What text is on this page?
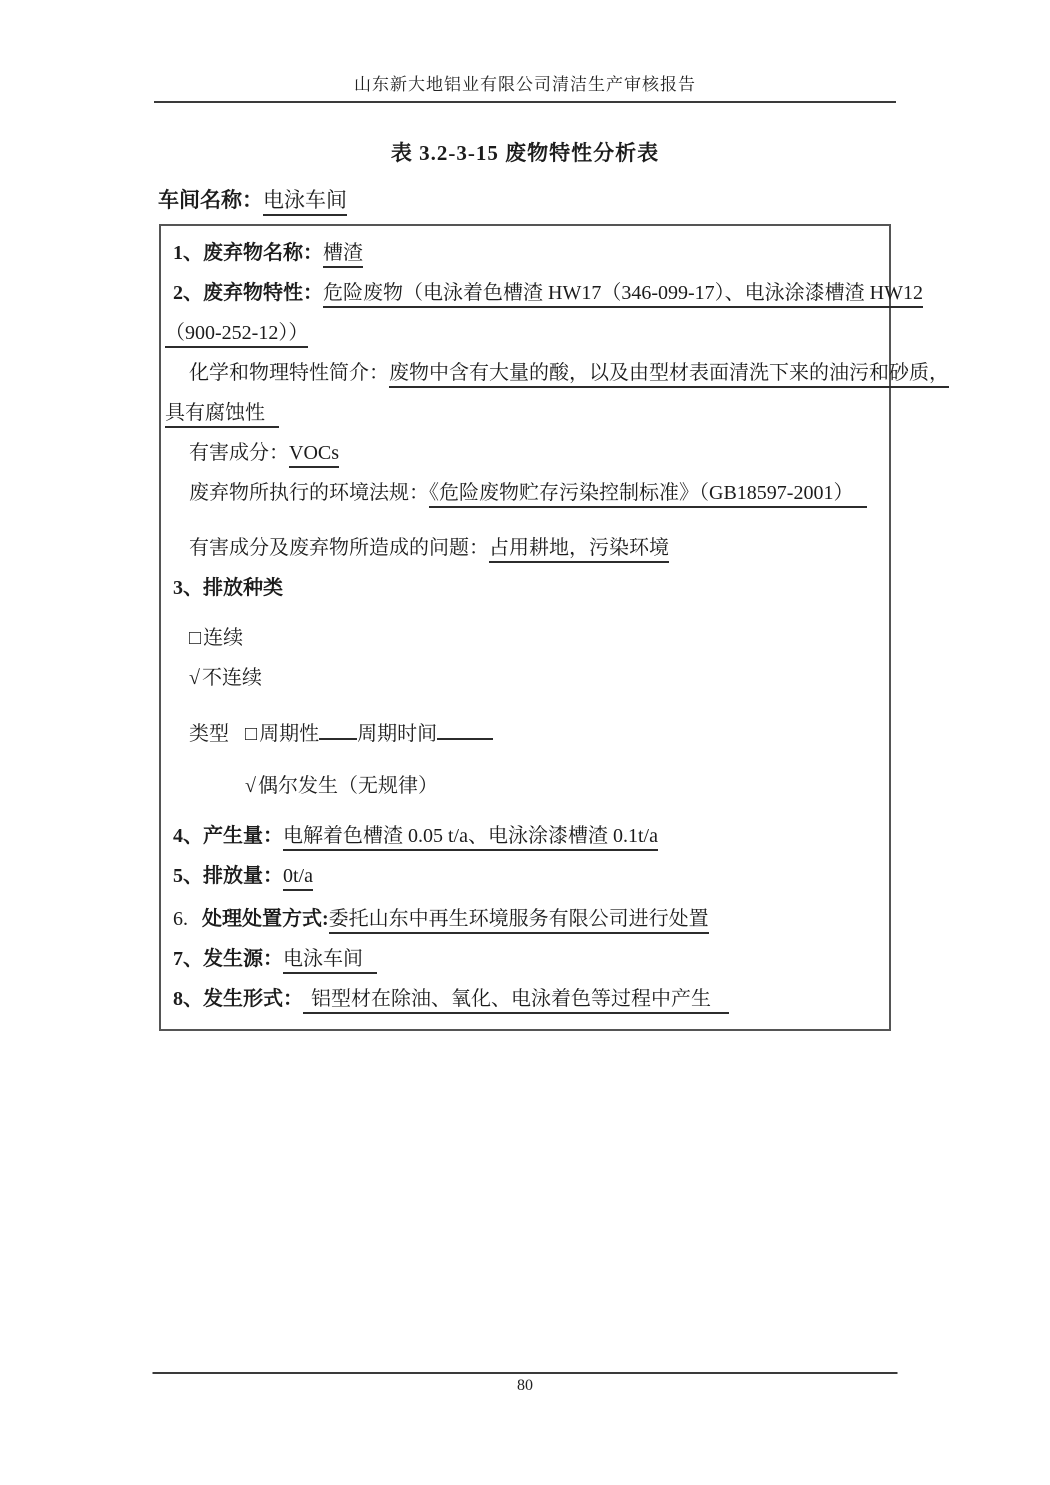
山东新大地铝业有限公司清洁生产审核报告
表 3.2-3-15 废物特性分析表
车间名称：电泳车间
1、废弃物名称：槽渣
2、废弃物特性：危险废物（电泳着色槽渣 HW17（346-099-17）、电泳涂漆槽渣 HW12
（900-252-12））
化学和物理特性简介：废物中含有大量的酸，以及由型材表面清洗下来的油污和砂质，
具有腐蚀性
有害成分：VOCs
废弃物所执行的环境法规：《危险废物贮存污染控制标准》（GB18597-2001）
有害成分及废弃物所造成的问题：占用耕地，污染环境
3、排放种类
□ 连续
√ 不连续
类型 □ 周期性 周期时间
√ 偶尔发生（无规律）
4、产生量：电解着色槽渣 0.05 t/a、电泳涂漆槽渣 0.1t/a
5、排放量：0t/a
6. 处理处置方式:委托山东中再生环境服务有限公司进行处置
7、发生源：电泳车间
8、发生形式： 铝型材在除油、氧化、电泳着色等过程中产生
80
